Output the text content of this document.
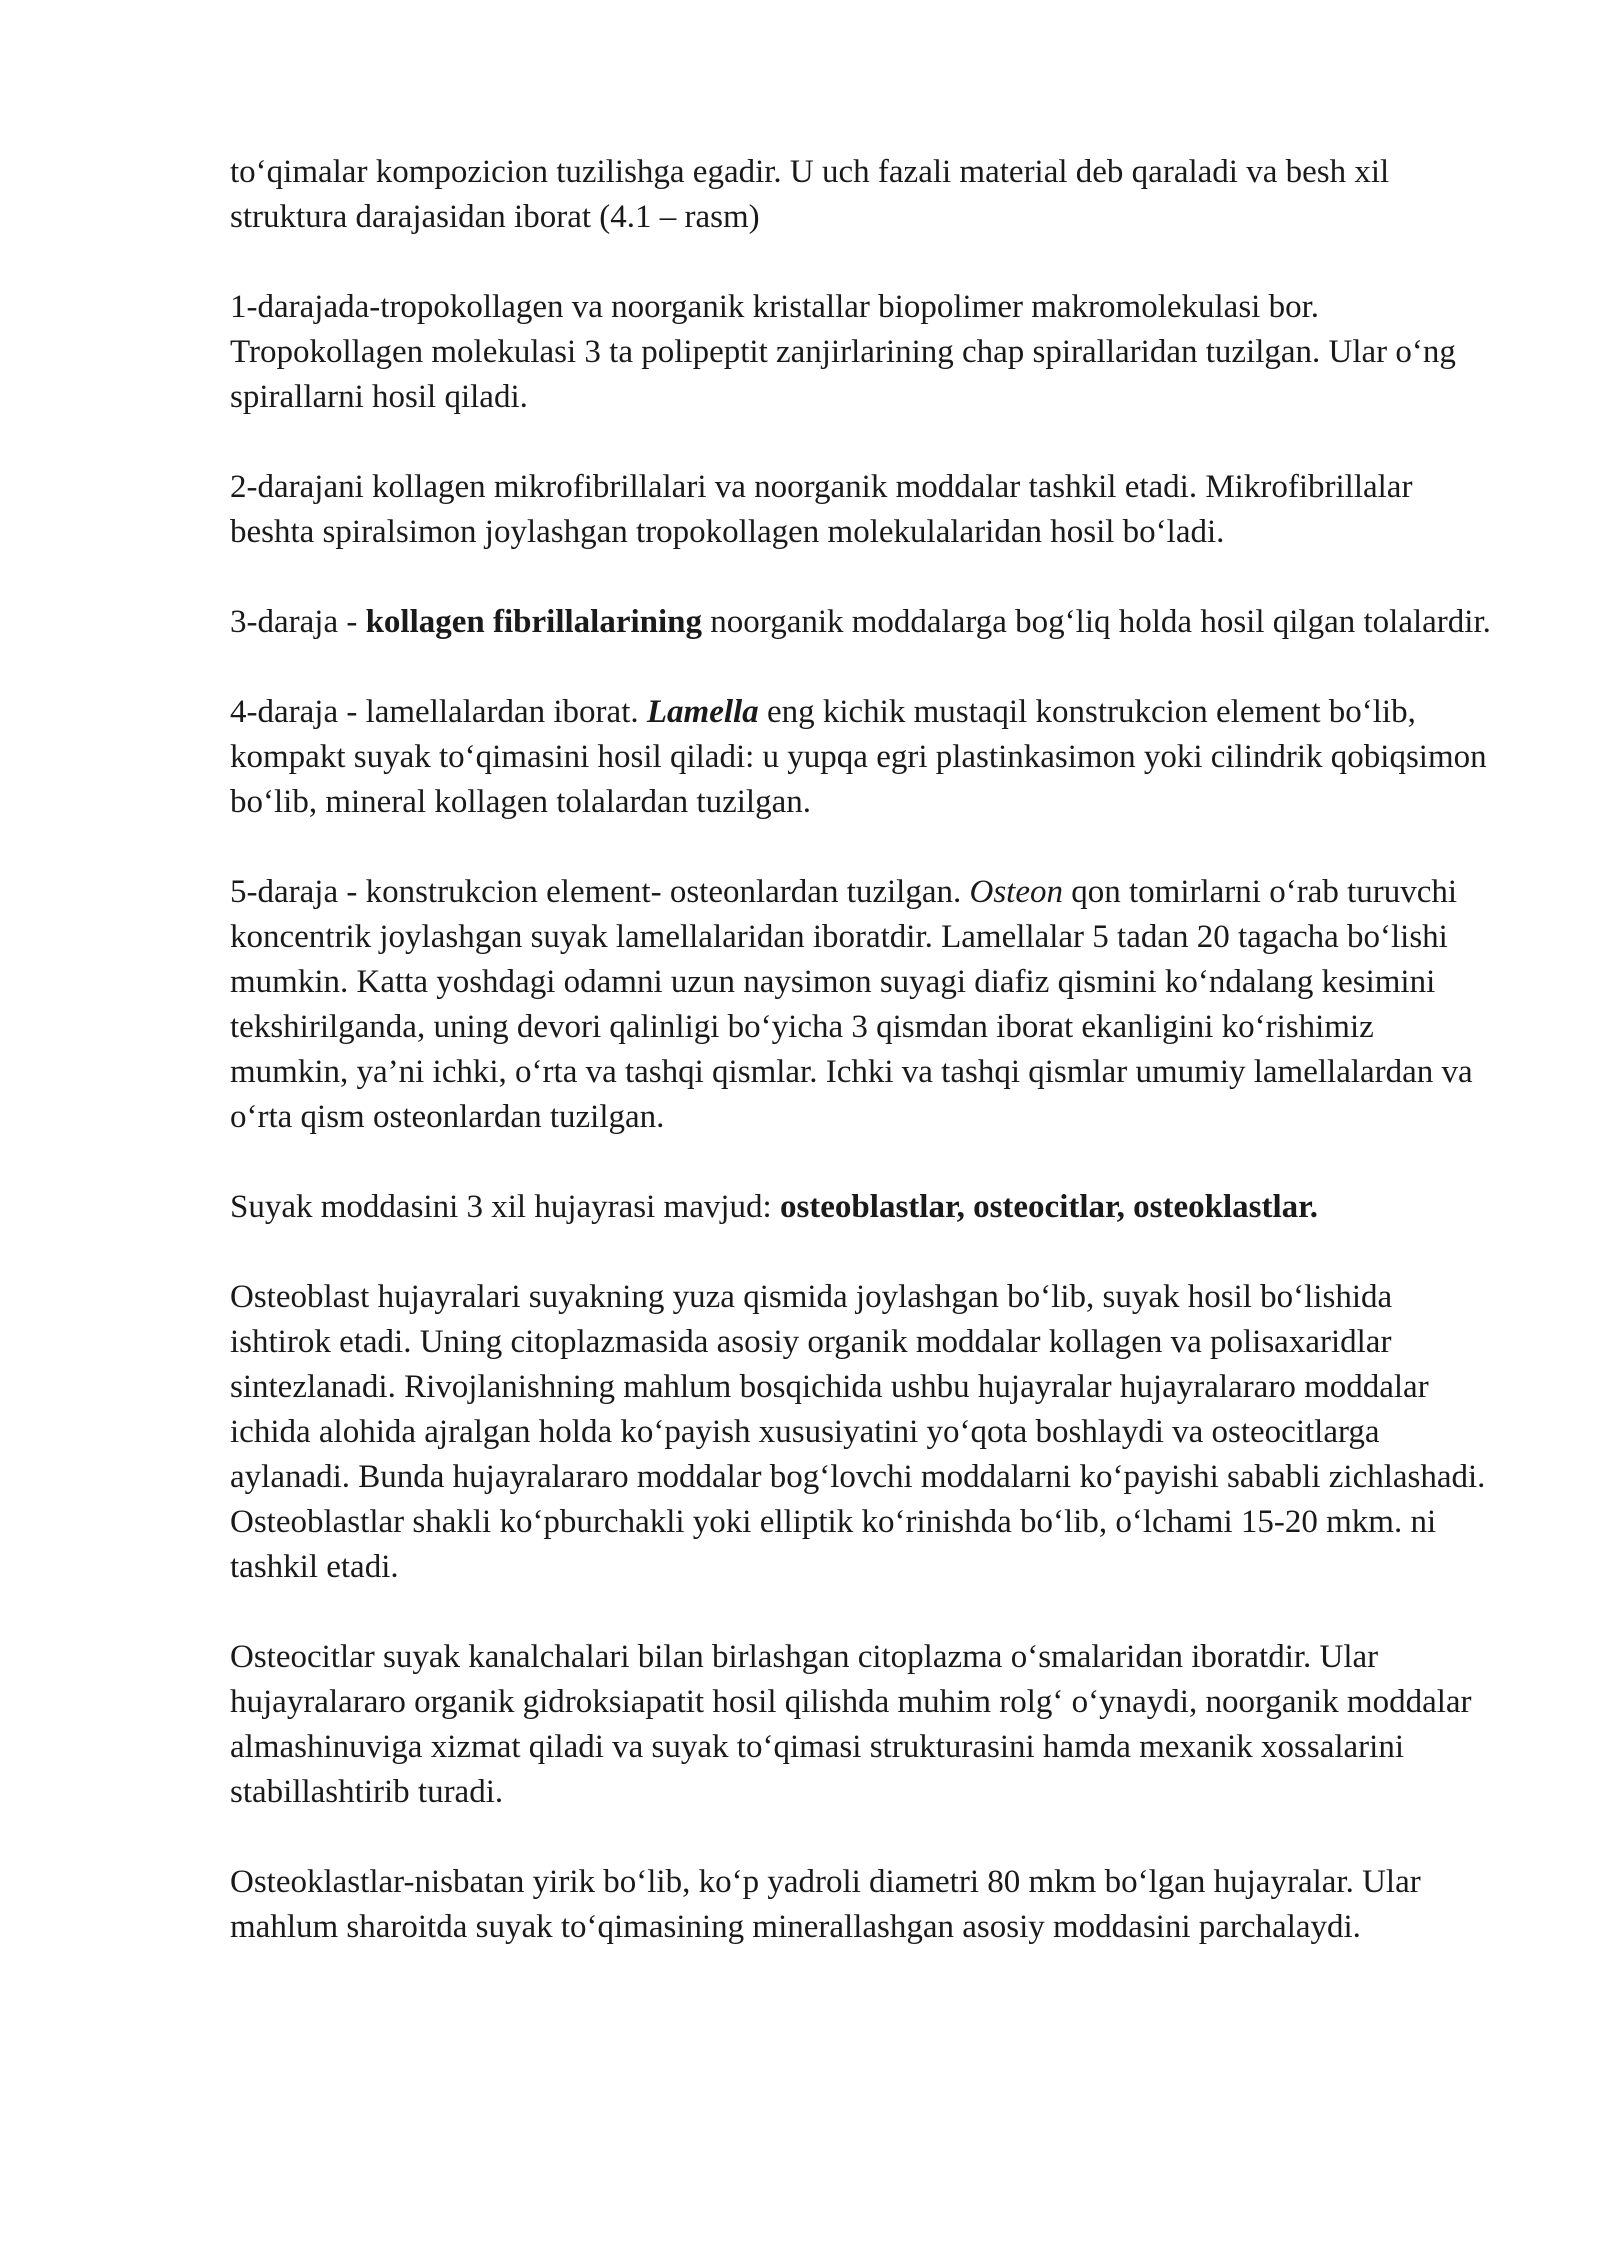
to‘qimalar kompozicion tuzilishga egadir. U uch fazali material deb qaraladi va besh xil struktura darajasidan iborat (4.1 – rasm)

1-darajada-tropokollagen va noorganik kristallar biopolimer makromolekulasi bor. Tropokollagen molekulasi 3 ta polipeptit zanjirlarining chap spirallaridan tuzilgan. Ular o‘ng spirallarni hosil qiladi.

2-darajani kollagen mikrofibrillalari va noorganik moddalar tashkil etadi. Mikrofibrillalar beshta spiralsimon joylashgan tropokollagen molekulalaridan hosil bo‘ladi.

3-daraja - kollagen fibrillalarining noorganik moddalarga bog‘liq holda hosil qilgan tolalardir.

4-daraja - lamellalardan iborat. Lamella eng kichik mustaqil konstrukcion element bo‘lib, kompakt suyak to‘qimasini hosil qiladi: u yupqa egri plastinkasimon yoki cilindrik qobiqsimon bo‘lib, mineral kollagen tolalardan tuzilgan.

5-daraja - konstrukcion element- osteonlardan tuzilgan. Osteon qon tomirlarni o‘rab turuvchi koncentrik joylashgan suyak lamellalaridan iboratdir. Lamellalar 5 tadan 20 tagacha bo‘lishi mumkin. Katta yoshdagi odamni uzun naysimon suyagi diafiz qismini ko‘ndalang kesimini tekshirilganda, uning devori qalinligi bo‘yicha 3 qismdan iborat ekanligini ko‘rishimiz mumkin, ya’ni ichki, o‘rta va tashqi qismlar. Ichki va tashqi qismlar umumiy lamellalardan va o‘rta qism osteonlardan tuzilgan.

Suyak moddasini 3 xil hujayrasi mavjud: osteoblastlar, osteocitlar, osteoklastlar.

Osteoblast hujayralari suyakning yuza qismida joylashgan bo‘lib, suyak hosil bo‘lishida ishtirok etadi. Uning citoplazmasida asosiy organik moddalar kollagen va polisaxaridlar sintezlanadi. Rivojlanishning mahlum bosqichida ushbu hujayralar hujayralararo moddalar ichida alohida ajralgan holda ko‘payish xususiyatini yo‘qota boshlaydi va osteocitlarga aylanadi. Bunda hujayralararo moddalar bog‘lovchi moddalarni ko‘payishi sababli zichlashadi. Osteoblastlar shakli ko‘pburchakli yoki elliptik ko‘rinishda bo‘lib, o‘lchami 15-20 mkm. ni tashkil etadi.

Osteocitlar suyak kanalchalari bilan birlashgan citoplazma o‘smalaridan iboratdir. Ular hujayralararo organik gidroksiapatit hosil qilishda muhim rolg‘ o‘ynaydi, noorganik moddalar almashinuviga xizmat qiladi va suyak to‘qimasi strukturasini hamda mexanik xossalarini stabillashtirib turadi.

Osteoklastlar-nisbatan yirik bo‘lib, ko‘p yadroli diametri 80 mkm bo‘lgan hujayralar. Ular mahlum sharoitda suyak to‘qimasining minerallashgan asosiy moddasini parchalaydi.
